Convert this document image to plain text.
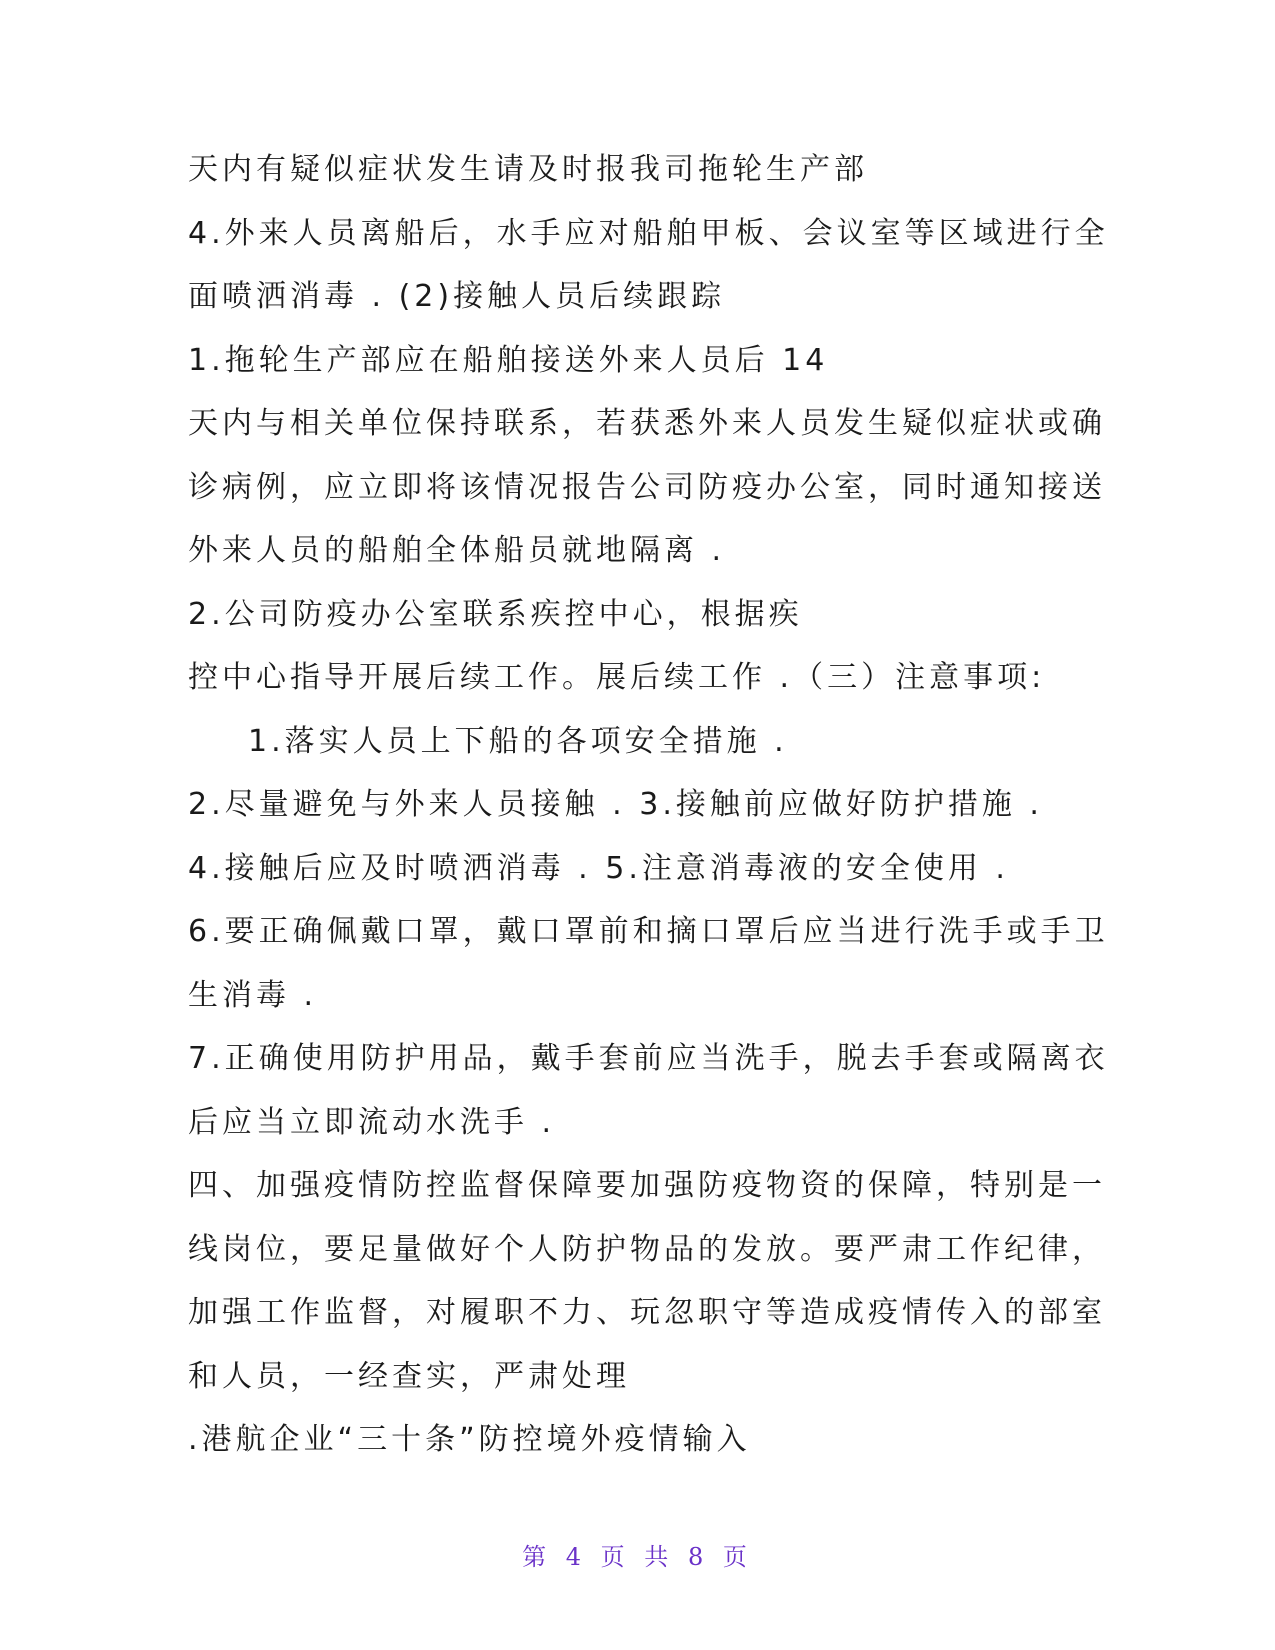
天内有疑似症状发生请及时报我司拖轮生产部
4.外来人员离船后，水手应对船舶甲板、会议室等区域进行全
面喷洒消毒 . (2)接触人员后续跟踪
1.拖轮生产部应在船舶接送外来人员后 14
天内与相关单位保持联系，若获悉外来人员发生疑似症状或确
诊病例，应立即将该情况报告公司防疫办公室，同时通知接送
外来人员的船舶全体船员就地隔离 .
2.公司防疫办公室联系疾控中心，根据疾
控中心指导开展后续工作。展后续工作 .（三）注意事项:
1.落实人员上下船的各项安全措施 .
2.尽量避免与外来人员接触 . 3.接触前应做好防护措施 .
4.接触后应及时喷洒消毒 . 5.注意消毒液的安全使用 .
6.要正确佩戴口罩，戴口罩前和摘口罩后应当进行洗手或手卫
生消毒 .
7.正确使用防护用品，戴手套前应当洗手，脱去手套或隔离衣
后应当立即流动水洗手 .
四、加强疫情防控监督保障要加强防疫物资的保障，特别是一
线岗位，要足量做好个人防护物品的发放。要严肃工作纪律，
加强工作监督，对履职不力、玩忽职守等造成疫情传入的部室
和人员，一经查实，严肃处理
.港航企业“三十条”防控境外疫情输入
第 4 页 共 8 页
